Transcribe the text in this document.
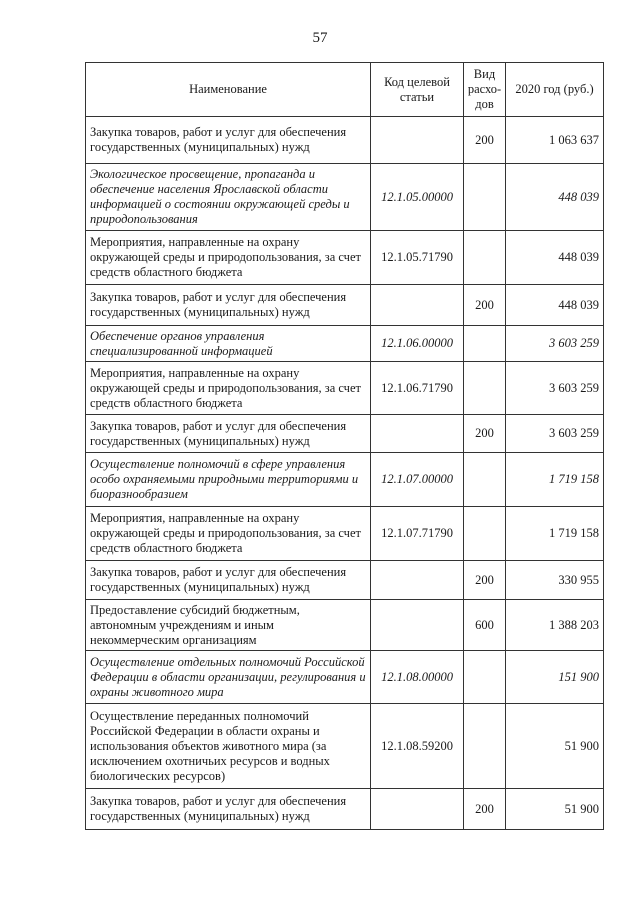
57
Наименование	Код целевой статьи	Вид расхо-дов	2020 год (руб.)
Закупка товаров, работ и услуг для обеспечения государственных (муниципальных) нужд		200	1 063 637
Экологическое просвещение, пропаганда и обеспечение населения Ярославской области информацией о состоянии окружающей среды и природопользования	12.1.05.00000		448 039
Мероприятия, направленные на охрану окружающей среды и природопользования, за счет средств областного бюджета	12.1.05.71790		448 039
Закупка товаров, работ и услуг для обеспечения государственных (муниципальных) нужд		200	448 039
Обеспечение органов управления специализированной информацией	12.1.06.00000		3 603 259
Мероприятия, направленные на охрану окружающей среды и природопользования, за счет средств областного бюджета	12.1.06.71790		3 603 259
Закупка товаров, работ и услуг для обеспечения государственных (муниципальных) нужд		200	3 603 259
Осуществление полномочий в сфере управления особо охраняемыми природными территориями и биоразнообразием	12.1.07.00000		1 719 158
Мероприятия, направленные на охрану окружающей среды и природопользования, за счет средств областного бюджета	12.1.07.71790		1 719 158
Закупка товаров, работ и услуг для обеспечения государственных (муниципальных) нужд		200	330 955
Предоставление субсидий бюджетным, автономным учреждениям и иным некоммерческим организациям		600	1 388 203
Осуществление отдельных полномочий Российской Федерации в области организации, регулирования и охраны животного мира	12.1.08.00000		151 900
Осуществление переданных полномочий Российской Федерации в области охраны и использования объектов животного мира (за исключением охотничьих ресурсов и водных биологических ресурсов)	12.1.08.59200		51 900
Закупка товаров, работ и услуг для обеспечения государственных (муниципальных) нужд		200	51 900
